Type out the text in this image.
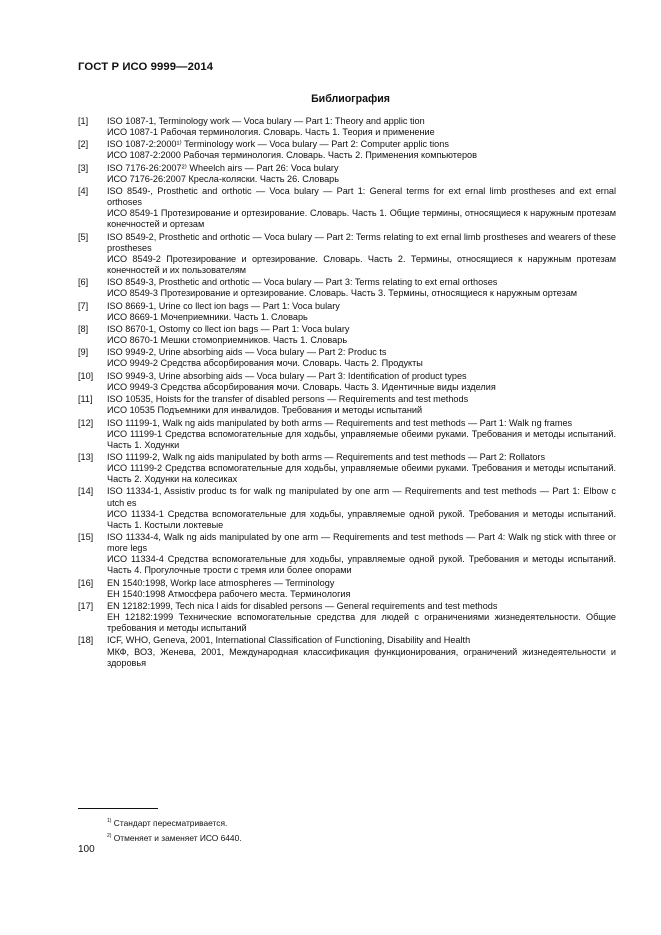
ГОСТ Р ИСО 9999—2014
Библиография
[1]	ISO 1087-1, Terminology work — Voca bulary — Part 1: Theory and applic tion
ИСО 1087-1 Рабочая терминология. Словарь. Часть 1. Теория и применение
[2]	ISO 1087-2:2000¹⁾ Terminology work — Voca bulary — Part 2: Computer applic tions
ИСО 1087-2:2000 Рабочая терминология. Словарь. Часть 2. Применения компьютеров
[3]	ISO 7176-26:2007²⁾ Wheelch airs — Part 26: Voca bulary
ИСО 7176-26:2007 Кресла-коляски. Часть 26. Словарь
[4]	ISO 8549-, Prosthetic and orthotic — Voca bulary — Part 1: General terms for ext ernal limb prostheses and ext ernal orthoses
ИСО 8549-1 Протезирование и ортезирование. Словарь. Часть 1. Общие термины, относящиеся к наружным протезам конечностей и ортезам
[5]	ISO 8549-2, Prosthetic and orthotic — Voca bulary — Part 2: Terms relating to ext ernal limb prostheses and wearers of these prostheses
ИСО 8549-2 Протезирование и ортезирование. Словарь. Часть 2. Термины, относящиеся к наружным протезам конечностей и их пользователям
[6]	ISO 8549-3, Prosthetic and orthotic — Voca bulary — Part 3: Terms relating to ext ernal orthoses
ИСО 8549-3 Протезирование и ортезирование. Словарь. Часть 3. Термины, относящиеся к наружным ортезам
[7]	ISO 8669-1, Urine co llect ion bags — Part 1: Voca bulary
ИСО 8669-1 Мочеприемники. Часть 1. Словарь
[8]	ISO 8670-1, Ostomy co llect ion bags — Part 1: Voca bulary
ИСО 8670-1 Мешки стомоприемников. Часть 1. Словарь
[9]	ISO 9949-2, Urine absorbing aids — Voca bulary — Part 2: Produc ts
ИСО 9949-2 Средства абсорбирования мочи. Словарь. Часть 2. Продукты
[10]	ISO 9949-3, Urine absorbing aids — Voca bulary — Part 3: Identification of product types
ИСО 9949-3 Средства абсорбирования мочи. Словарь. Часть 3. Идентичные виды изделия
[11]	ISO 10535, Hoists for the transfer of disabled persons — Requirements and test methods
ИСО 10535 Подъемники для инвалидов. Требования и методы испытаний
[12]	ISO 11199-1, Walk ng aids manipulated by both arms — Requirements and test methods — Part 1: Walk ng frames
ИСО 11199-1 Средства вспомогательные для ходьбы, управляемые обеими руками. Требования и методы испытаний. Часть 1. Ходунки
[13]	ISO 11199-2, Walk ng aids manipulated by both arms — Requirements and test methods — Part 2: Rollators
ИСО 11199-2 Средства вспомогательные для ходьбы, управляемые обеими руками. Требования и методы испытаний. Часть 2. Ходунки на колесиках
[14]	ISO 11334-1, Assistiv produc ts for walk ng manipulated by one arm — Requirements and test methods — Part 1: Elbow c utch es
ИСО 11334-1 Средства вспомогательные для ходьбы, управляемые одной рукой. Требования и методы испытаний. Часть 1. Костыли локтевые
[15]	ISO 11334-4, Walk ng aids manipulated by one arm — Requirements and test methods — Part 4: Walk ng stick with three or more legs
ИСО 11334-4 Средства вспомогательные для ходьбы, управляемые одной рукой. Требования и методы испытаний. Часть 4. Прогулочные трости с тремя или более опорами
[16]	EN 1540:1998, Workp lace atmospheres — Terminology
ЕН 1540:1998 Атмосфера рабочего места. Терминология
[17]	EN 12182:1999, Tech nica l aids for disabled persons — General requirements and test methods
ЕН 12182:1999 Технические вспомогательные средства для людей с ограничениями жизнедеятельности. Общие требования и методы испытаний
[18]	ICF, WHO, Geneva, 2001, International Classification of Functioning, Disability and Health
МКФ, ВОЗ, Женева, 2001, Международная классификация функционирования, ограничений жизнедеятельности и здоровья
$^{1)}$ Стандарт пересматривается.
$^{2)}$ Отменяет и заменяет ИСО 6440.
100
